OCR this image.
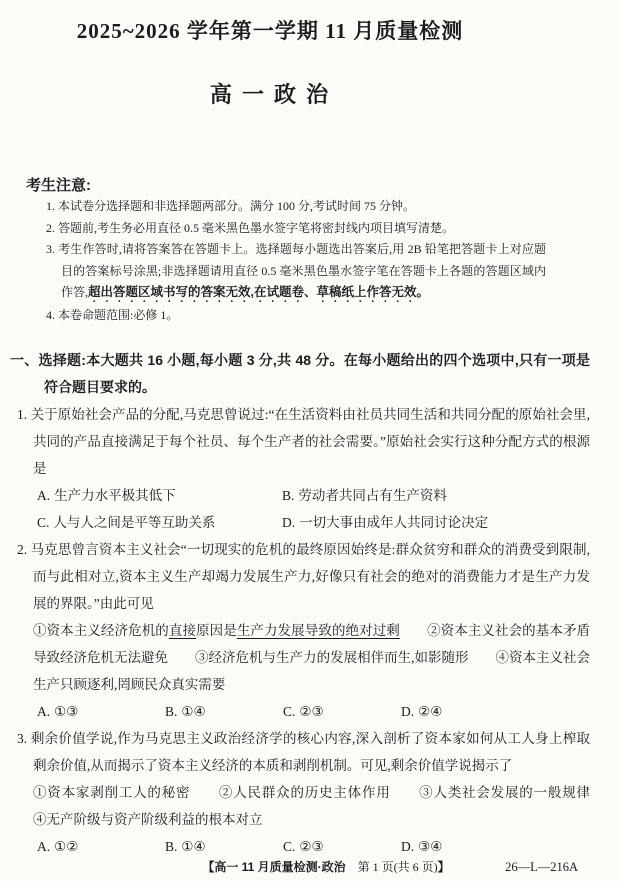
2025~2026 学年第一学期 11 月质量检测
高 一 政 治
考生注意:

1. 本试卷分选择题和非选择题两部分。满分 100 分,考试时间 75 分钟。

2. 答题前,考生务必用直径 0.5 毫米黑色墨水签字笔将密封线内项目填写清楚。

3. 考生作答时,请将答案答在答题卡上。选择题每小题选出答案后,用 2B 铅笔把答题卡上对应题目的答案标号涂黑;非选择题请用直径 0.5 毫米黑色墨水签字笔在答题卡上各题的答题区域内作答,超出答题区域书写的答案无效,在试题卷、草稿纸上作答无效。

4. 本卷命题范围:必修 1。

一、选择题:本大题共 16 小题,每小题 3 分,共 48 分。在每小题给出的四个选项中,只有一项是符合题目要求的。

1. 关于原始社会产品的分配,马克思曾说过:“在生活资料由社员共同生活和共同分配的原始社会里,共同的产品直接满足于每个社员、每个生产者的社会需要。”原始社会实行这种分配方式的根源是

A. 生产力水平极其低下	B. 劳动者共同占有生产资料
C. 人与人之间是平等互助关系	D. 一切大事由成年人共同讨论决定

2. 马克思曾言资本主义社会“一切现实的危机的最终原因始终是:群众贫穷和群众的消费受到限制,而与此相对立,资本主义生产却竭力发展生产力,好像只有社会的绝对的消费能力才是生产力发展的界限。”由此可见

①资本主义经济危机的直接原因是生产力发展导致的绝对过剩　　②资本主义社会的基本矛盾导致经济危机无法避免　　③经济危机与生产力的发展相伴而生,如影随形　　④资本主义社会生产只顾逐利,罔顾民众真实需要

A. ①③	B. ①④	C. ②③	D. ②④

3. 剩余价值学说,作为马克思主义政治经济学的核心内容,深入剖析了资本家如何从工人身上榨取剩余价值,从而揭示了资本主义经济的本质和剥削机制。可见,剩余价值学说揭示了

①资本家剥削工人的秘密　　②人民群众的历史主体作用　　③人类社会发展的一般规律　　④无产阶级与资产阶级利益的根本对立

A. ①②	B. ①④	C. ②③	D. ③④
【高一 11 月质量检测·政治　第 1 页(共 6 页)】	26—L—216A
